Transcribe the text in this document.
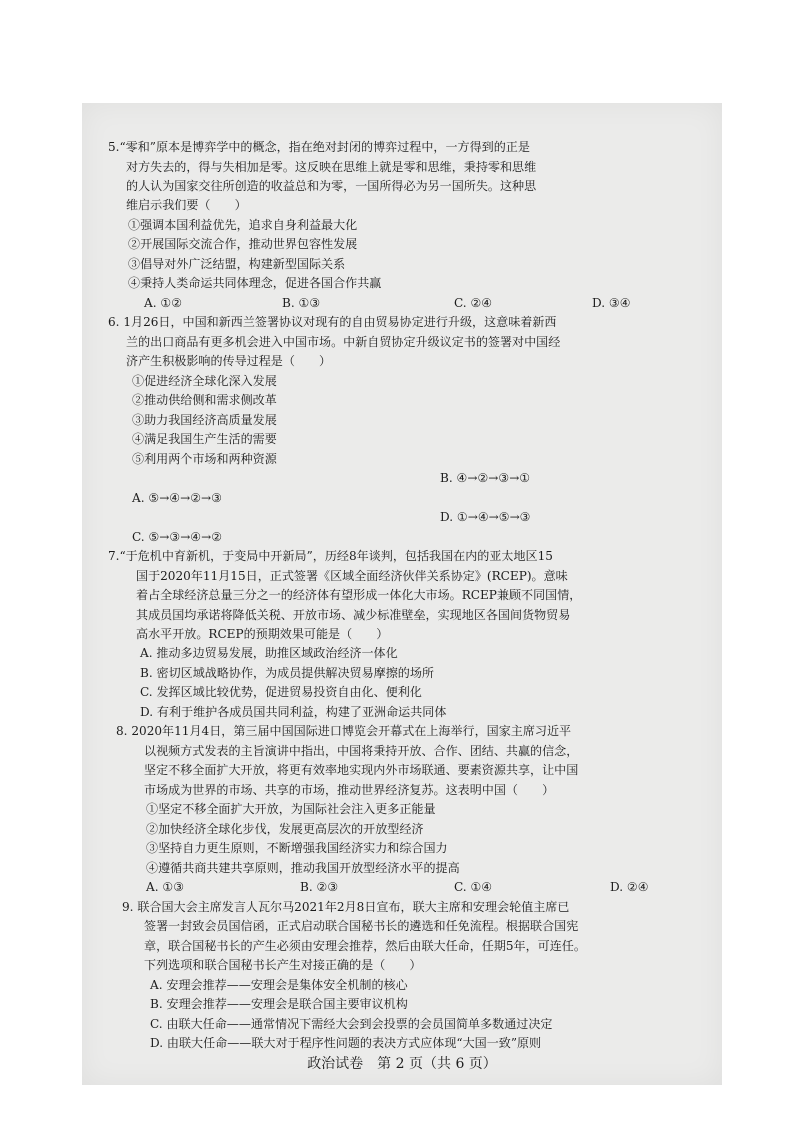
5.“零和”原本是博弈学中的概念，指在绝对封闭的博弈过程中，一方得到的正是
对方失去的，得与失相加是零。这反映在思维上就是零和思维，秉持零和思维
的人认为国家交往所创造的收益总和为零，一国所得必为另一国所失。这种思
维启示我们要（　　）
①强调本国利益优先，追求自身利益最大化
②开展国际交流合作，推动世界包容性发展
③倡导对外广泛结盟，构建新型国际关系
④秉持人类命运共同体理念，促进各国合作共赢
A. ①②	B. ①③	C. ②④	D. ③④
6. 1月26日，中国和新西兰签署协议对现有的自由贸易协定进行升级，这意味着新西
兰的出口商品有更多机会进入中国市场。中新自贸协定升级议定书的签署对中国经
济产生积极影响的传导过程是（　　）
①促进经济全球化深入发展
②推动供给侧和需求侧改革
③助力我国经济高质量发展
④满足我国生产生活的需要
⑤利用两个市场和两种资源
A. ⑤→④→②→③
B. ④→②→③→①
C. ⑤→③→④→②
D. ①→④→⑤→③
7.“于危机中育新机，于变局中开新局”，历经8年谈判，包括我国在内的亚太地区15
国于2020年11月15日，正式签署《区域全面经济伙伴关系协定》(RCEP)。意味
着占全球经济总量三分之一的经济体有望形成一体化大市场。RCEP兼顾不同国情，
其成员国均承诺将降低关税、开放市场、减少标准壁垒，实现地区各国间货物贸易
高水平开放。RCEP的预期效果可能是（　　）
A. 推动多边贸易发展，助推区域政治经济一体化
B. 密切区域战略协作，为成员提供解决贸易摩擦的场所
C. 发挥区域比较优势，促进贸易投资自由化、便利化
D. 有利于维护各成员国共同利益，构建了亚洲命运共同体
8. 2020年11月4日，第三届中国国际进口博览会开幕式在上海举行，国家主席习近平
以视频方式发表的主旨演讲中指出，中国将秉持开放、合作、团结、共赢的信念，
坚定不移全面扩大开放，将更有效率地实现内外市场联通、要素资源共享，让中国
市场成为世界的市场、共享的市场，推动世界经济复苏。这表明中国（　　）
①坚定不移全面扩大开放，为国际社会注入更多正能量
②加快经济全球化步伐，发展更高层次的开放型经济
③坚持自力更生原则，不断增强我国经济实力和综合国力
④遵循共商共建共享原则，推动我国开放型经济水平的提高
A. ①③	B. ②③	C. ①④	D. ②④
9. 联合国大会主席发言人瓦尔马2021年2月8日宣布，联大主席和安理会轮值主席已
签署一封致会员国信函，正式启动联合国秘书长的遴选和任免流程。根据联合国宪
章，联合国秘书长的产生必须由安理会推荐，然后由联大任命，任期5年，可连任。
下列选项和联合国秘书长产生对接正确的是（　　）
A. 安理会推荐——安理会是集体安全机制的核心
B. 安理会推荐——安理会是联合国主要审议机构
C. 由联大任命——通常情况下需经大会到会投票的会员国简单多数通过决定
D. 由联大任命——联大对于程序性问题的表决方式应体现“大国一致”原则
政治试卷　第 2 页（共 6 页）
